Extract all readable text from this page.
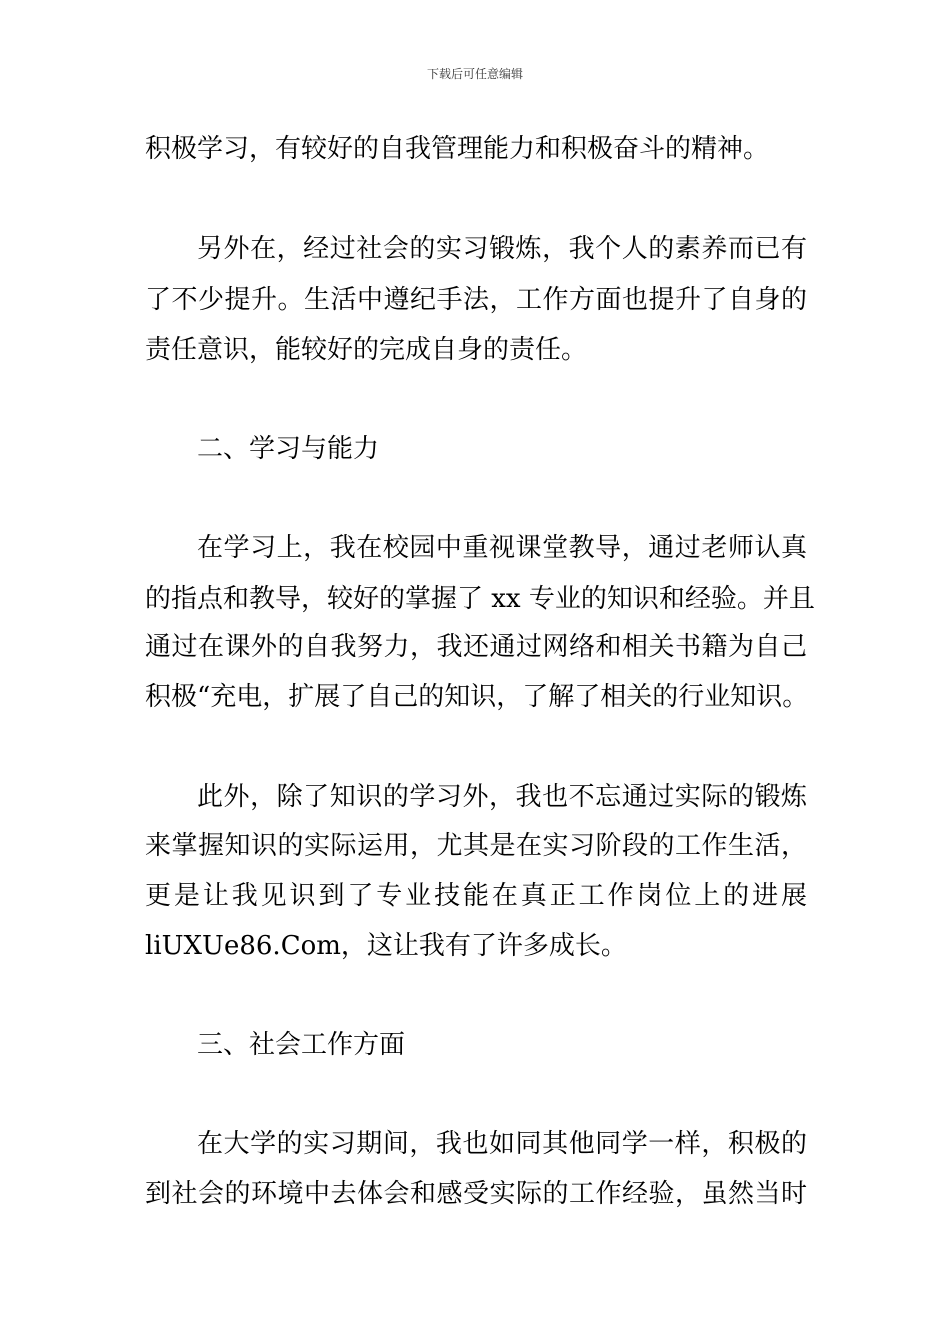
下载后可任意编辑
积极学习，有较好的自我管理能力和积极奋斗的精神。
另外在，经过社会的实习锻炼，我个人的素养而已有
了不少提升。生活中遵纪手法，工作方面也提升了自身的
责任意识，能较好的完成自身的责任。
二、学习与能力
在学习上，我在校园中重视课堂教导，通过老师认真
的指点和教导，较好的掌握了 xx 专业的知识和经验。并且
通过在课外的自我努力，我还通过网络和相关书籍为自己
积极“充电，扩展了自己的知识，了解了相关的行业知识。
此外，除了知识的学习外，我也不忘通过实际的锻炼
来掌握知识的实际运用，尤其是在实习阶段的工作生活，
更是让我见识到了专业技能在真正工作岗位上的进展
liUXUe86.Com，这让我有了许多成长。
三、社会工作方面
在大学的实习期间，我也如同其他同学一样，积极的
到社会的环境中去体会和感受实际的工作经验，虽然当时
